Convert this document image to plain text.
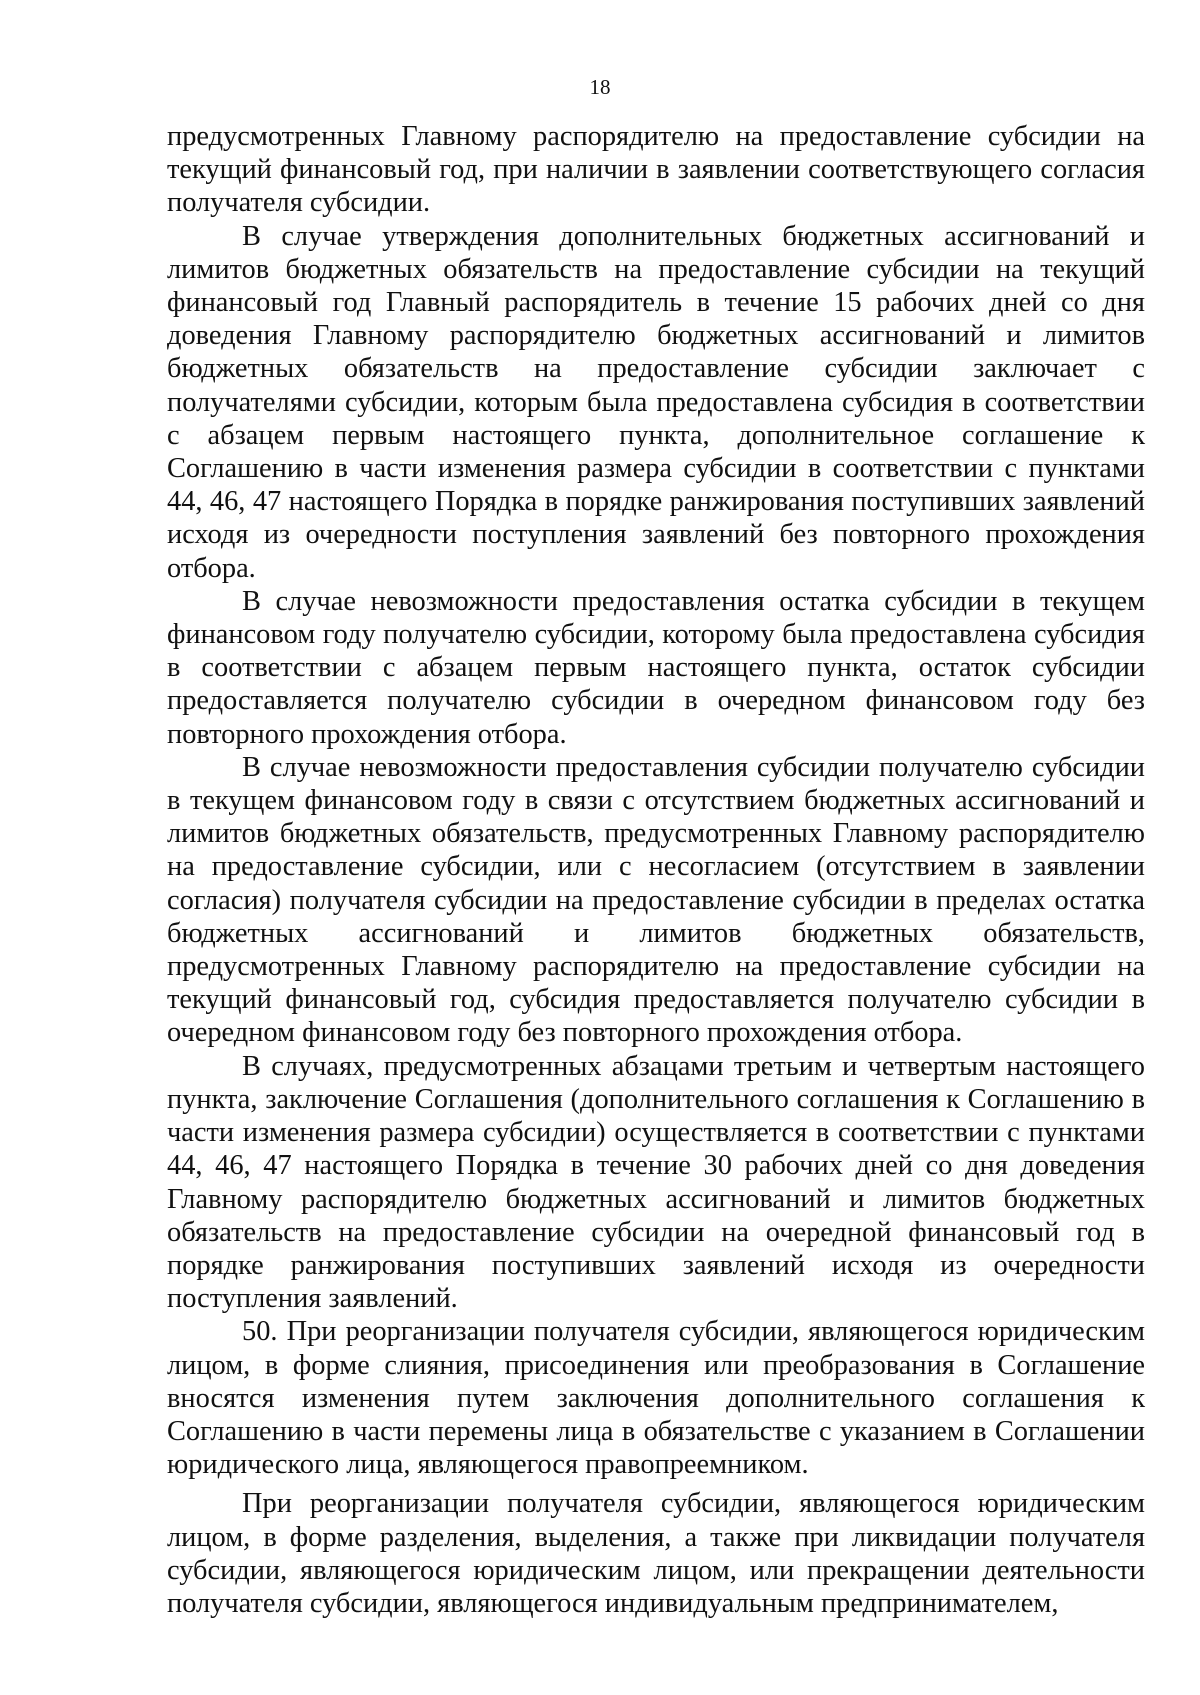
18

предусмотренных Главному распорядителю на предоставление субсидии на текущий финансовый год, при наличии в заявлении соответствующего согласия получателя субсидии.

В случае утверждения дополнительных бюджетных ассигнований и лимитов бюджетных обязательств на предоставление субсидии на текущий финансовый год Главный распорядитель в течение 15 рабочих дней со дня доведения Главному распорядителю бюджетных ассигнований и лимитов бюджетных обязательств на предоставление субсидии заключает с получателями субсидии, которым была предоставлена субсидия в соответствии с абзацем первым настоящего пункта, дополнительное соглашение к Соглашению в части изменения размера субсидии в соответствии с пунктами 44, 46, 47 настоящего Порядка в порядке ранжирования поступивших заявлений исходя из очередности поступления заявлений без повторного прохождения отбора.

В случае невозможности предоставления остатка субсидии в текущем финансовом году получателю субсидии, которому была предоставлена субсидия в соответствии с абзацем первым настоящего пункта, остаток субсидии предоставляется получателю субсидии в очередном финансовом году без повторного прохождения отбора.

В случае невозможности предоставления субсидии получателю субсидии в текущем финансовом году в связи с отсутствием бюджетных ассигнований и лимитов бюджетных обязательств, предусмотренных Главному распорядителю на предоставление субсидии, или с несогласием (отсутствием в заявлении согласия) получателя субсидии на предоставление субсидии в пределах остатка бюджетных ассигнований и лимитов бюджетных обязательств, предусмотренных Главному распорядителю на предоставление субсидии на текущий финансовый год, субсидия предоставляется получателю субсидии в очередном финансовом году без повторного прохождения отбора.

В случаях, предусмотренных абзацами третьим и четвертым настоящего пункта, заключение Соглашения (дополнительного соглашения к Соглашению в части изменения размера субсидии) осуществляется в соответствии с пунктами 44, 46, 47 настоящего Порядка в течение 30 рабочих дней со дня доведения Главному распорядителю бюджетных ассигнований и лимитов бюджетных обязательств на предоставление субсидии на очередной финансовый год в порядке ранжирования поступивших заявлений исходя из очередности поступления заявлений.

50. При реорганизации получателя субсидии, являющегося юридическим лицом, в форме слияния, присоединения или преобразования в Соглашение вносятся изменения путем заключения дополнительного соглашения к Соглашению в части перемены лица в обязательстве с указанием в Соглашении юридического лица, являющегося правопреемником.

При реорганизации получателя субсидии, являющегося юридическим лицом, в форме разделения, выделения, а также при ликвидации получателя субсидии, являющегося юридическим лицом, или прекращении деятельности получателя субсидии, являющегося индивидуальным предпринимателем,
